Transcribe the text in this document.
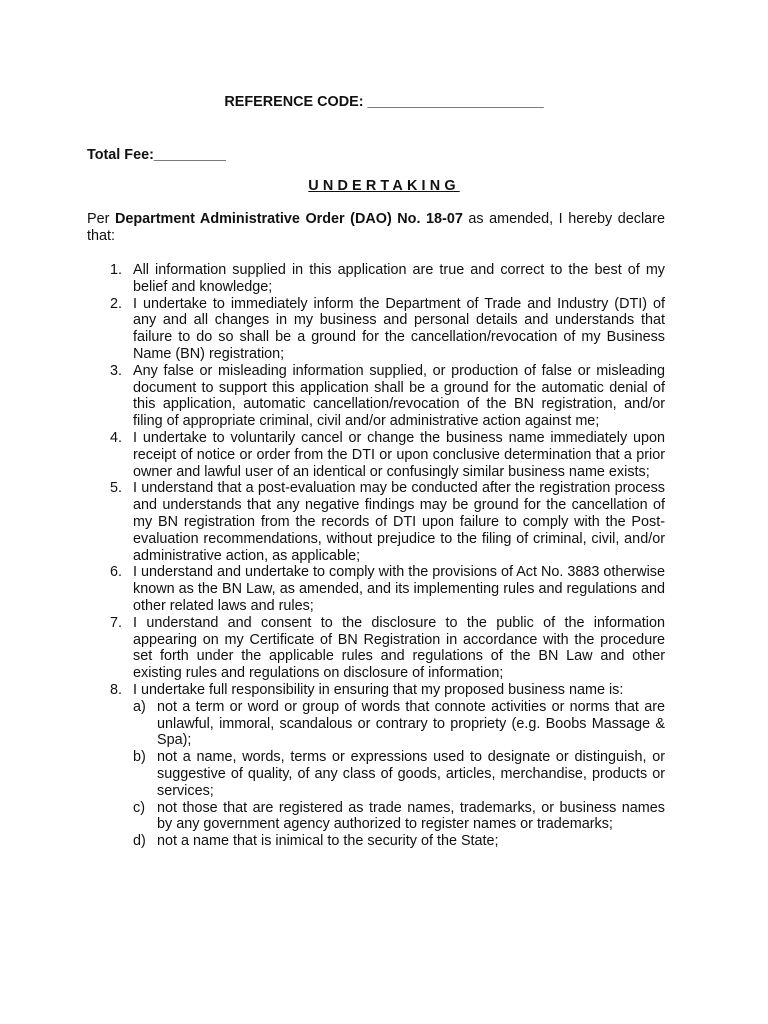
REFERENCE CODE: ______________________
Total Fee:_________
UNDERTAKING
Per Department Administrative Order (DAO) No. 18-07 as amended, I hereby declare that:
1. All information supplied in this application are true and correct to the best of my belief and knowledge;
2. I undertake to immediately inform the Department of Trade and Industry (DTI) of any and all changes in my business and personal details and understands that failure to do so shall be a ground for the cancellation/revocation of my Business Name (BN) registration;
3. Any false or misleading information supplied, or production of false or misleading document to support this application shall be a ground for the automatic denial of this application, automatic cancellation/revocation of the BN registration, and/or filing of appropriate criminal, civil and/or administrative action against me;
4. I undertake to voluntarily cancel or change the business name immediately upon receipt of notice or order from the DTI or upon conclusive determination that a prior owner and lawful user of an identical or confusingly similar business name exists;
5. I understand that a post-evaluation may be conducted after the registration process and understands that any negative findings may be ground for the cancellation of my BN registration from the records of DTI upon failure to comply with the Post-evaluation recommendations, without prejudice to the filing of criminal, civil, and/or administrative action, as applicable;
6. I understand and undertake to comply with the provisions of Act No. 3883 otherwise known as the BN Law, as amended, and its implementing rules and regulations and other related laws and rules;
7. I understand and consent to the disclosure to the public of the information appearing on my Certificate of BN Registration in accordance with the procedure set forth under the applicable rules and regulations of the BN Law and other existing rules and regulations on disclosure of information;
8. I undertake full responsibility in ensuring that my proposed business name is:
a) not a term or word or group of words that connote activities or norms that are unlawful, immoral, scandalous or contrary to propriety (e.g. Boobs Massage & Spa);
b) not a name, words, terms or expressions used to designate or distinguish, or suggestive of quality, of any class of goods, articles, merchandise, products or services;
c) not those that are registered as trade names, trademarks, or business names by any government agency authorized to register names or trademarks;
d) not a name that is inimical to the security of the State;
